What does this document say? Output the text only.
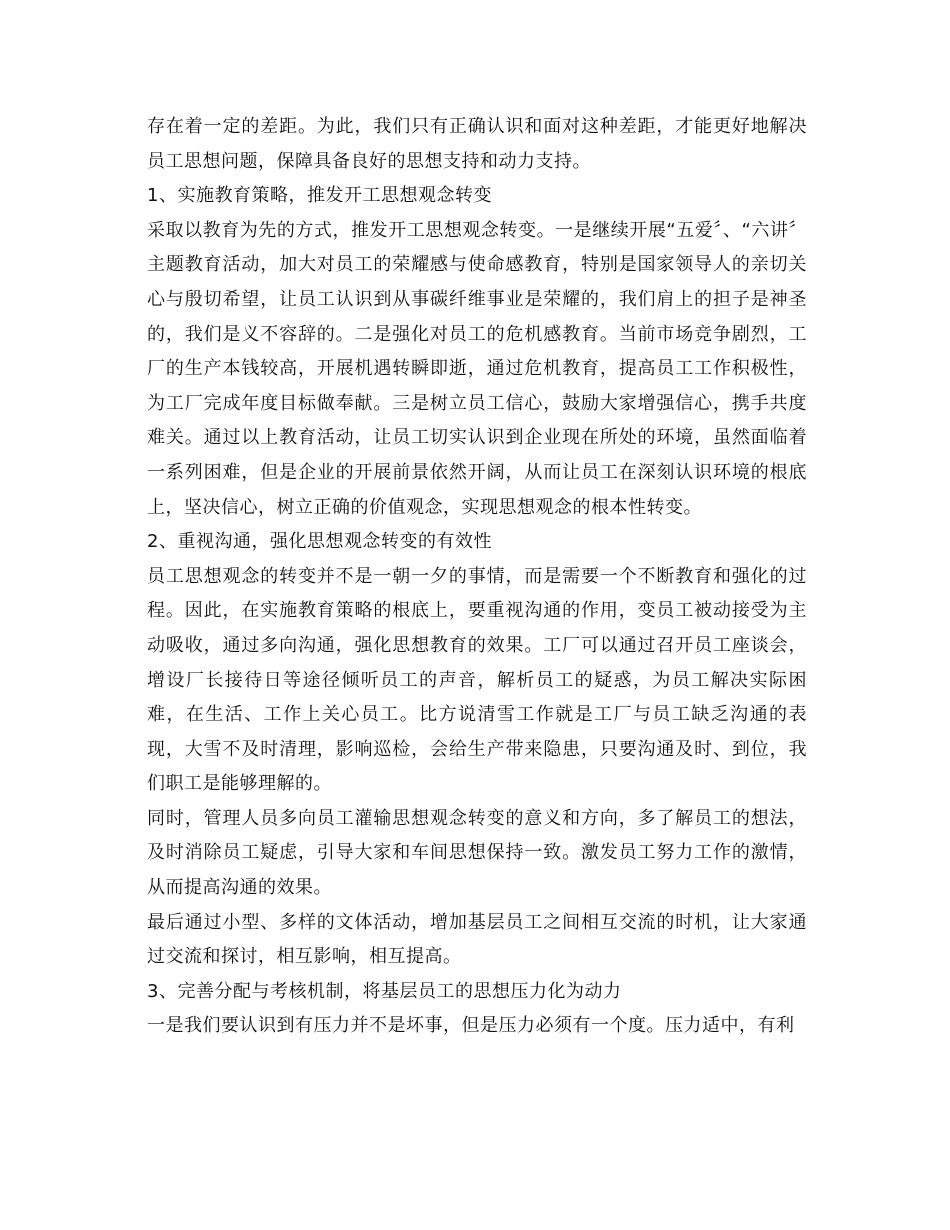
存在着一定的差距。为此，我们只有正确认识和面对这种差距，才能更好地解决员工思想问题，保障具备良好的思想支持和动力支持。

1、实施教育策略，推发开工思想观念转变

采取以教育为先的方式，推发开工思想观念转变。一是继续开展“五爱〞、“六讲〞主题教育活动，加大对员工的荣耀感与使命感教育，特别是国家领导人的亲切关心与殷切希望，让员工认识到从事碳纤维事业是荣耀的，我们肩上的担子是神圣的，我们是义不容辞的。二是强化对员工的危机感教育。当前市场竞争剧烈，工厂的生产本钱较高，开展机遇转瞬即逝，通过危机教育，提高员工工作积极性，为工厂完成年度目标做奉献。三是树立员工信心，鼓励大家增强信心，携手共度难关。通过以上教育活动，让员工切实认识到企业现在所处的环境，虽然面临着一系列困难，但是企业的开展前景依然开阔，从而让员工在深刻认识环境的根底上，坚决信心，树立正确的价值观念，实现思想观念的根本性转变。

2、重视沟通，强化思想观念转变的有效性

员工思想观念的转变并不是一朝一夕的事情，而是需要一个不断教育和强化的过程。因此，在实施教育策略的根底上，要重视沟通的作用，变员工被动接受为主动吸收，通过多向沟通，强化思想教育的效果。工厂可以通过召开员工座谈会，增设厂长接待日等途径倾听员工的声音，解析员工的疑惑，为员工解决实际困难，在生活、工作上关心员工。比方说清雪工作就是工厂与员工缺乏沟通的表现，大雪不及时清理，影响巡检，会给生产带来隐患，只要沟通及时、到位，我们职工是能够理解的。

同时，管理人员多向员工灌输思想观念转变的意义和方向，多了解员工的想法，及时消除员工疑虑，引导大家和车间思想保持一致。激发员工努力工作的激情，从而提高沟通的效果。

最后通过小型、多样的文体活动，增加基层员工之间相互交流的时机，让大家通过交流和探讨，相互影响，相互提高。

3、完善分配与考核机制，将基层员工的思想压力化为动力

一是我们要认识到有压力并不是坏事，但是压力必须有一个度。压力适中，有利
